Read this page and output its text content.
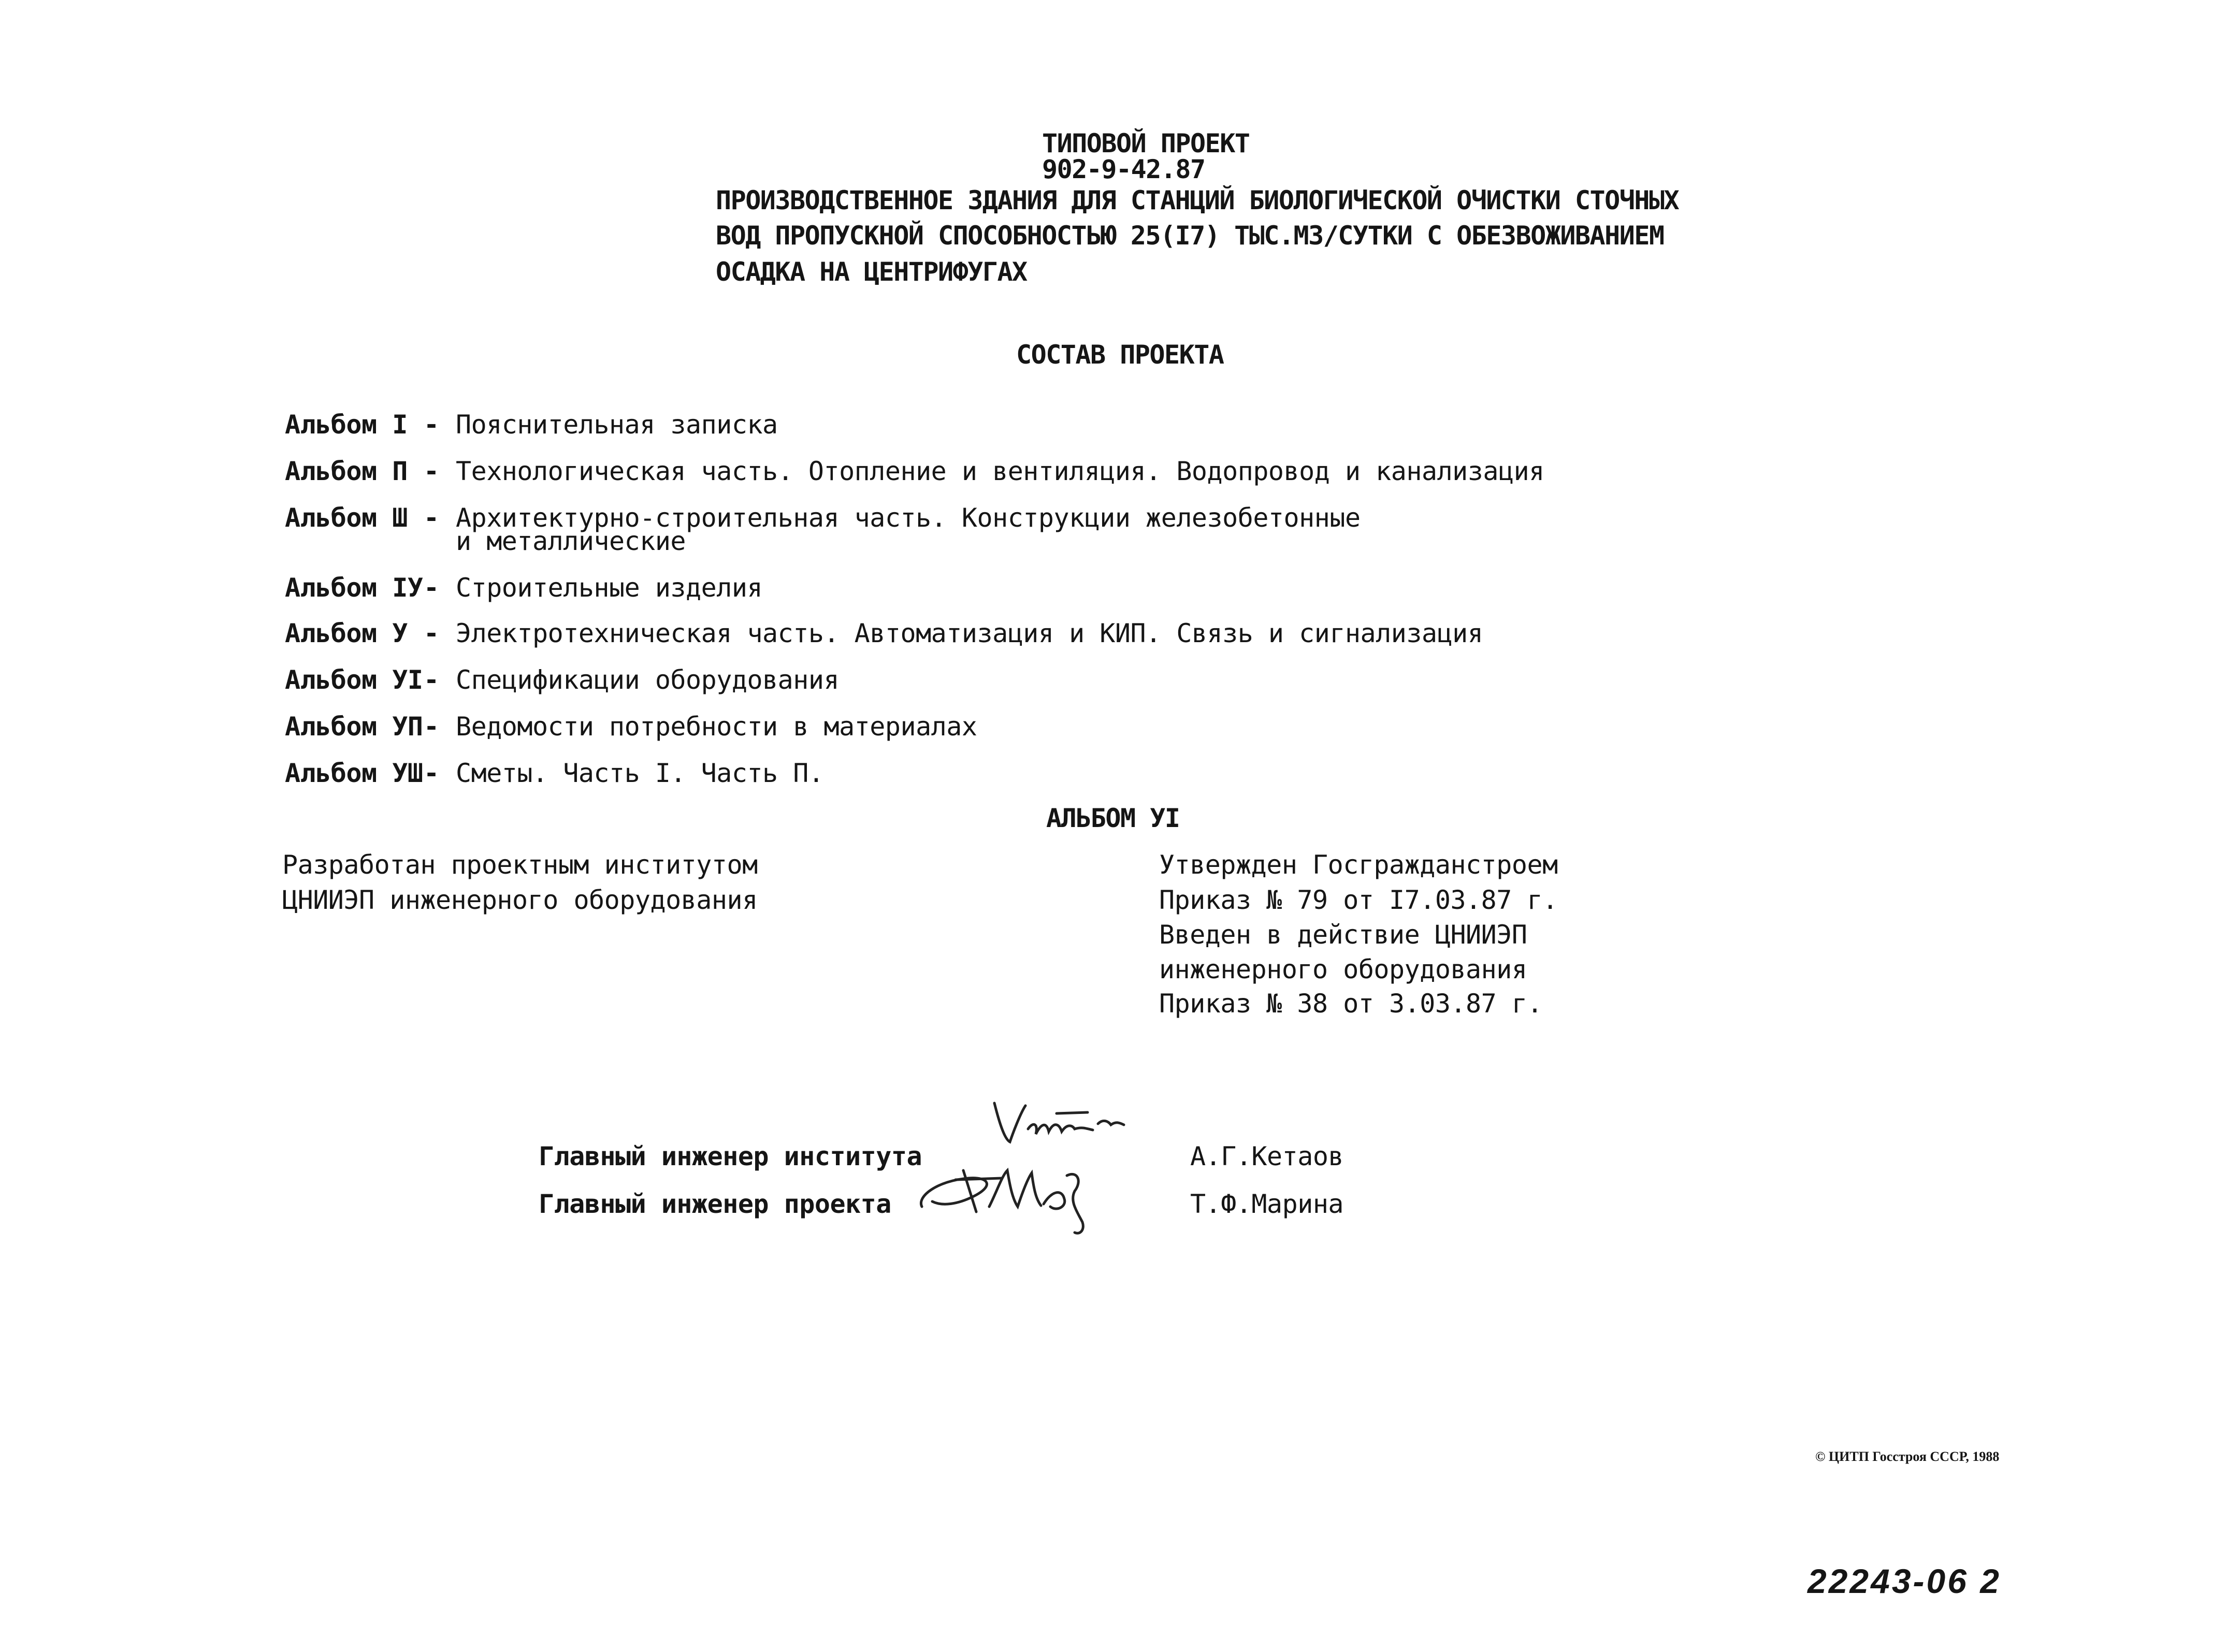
ТИПОВОЙ ПРОЕКТ
902-9-42.87
ПРОИЗВОДСТВЕННОЕ ЗДАНИЯ ДЛЯ СТАНЦИЙ БИОЛОГИЧЕСКОЙ ОЧИСТКИ СТОЧНЫХ
ВОД ПРОПУСКНОЙ СПОСОБНОСТЬЮ 25(I7) ТЫС.М3/СУТКИ С ОБЕЗВОЖИВАНИЕМ
ОСАДКА НА ЦЕНТРИФУГАХ
СОСТАВ ПРОЕКТА
Альбом I - Пояснительная записка
Альбом П - Технологическая часть. Отопление и вентиляция. Водопровод и канализация
Альбом Ш - Архитектурно-строительная часть. Конструкции железобетонные
и металлические
Альбом IУ - Строительные изделия
Альбом У - Электротехническая часть. Автоматизация и КИП. Связь и сигнализация
Альбом УI - Спецификации оборудования
Альбом УП - Ведомости потребности в материалах
Альбом УШ - Сметы. Часть I. Часть П.
АЛЬБОМ УI
Разработан проектным институтом
ЦНИИЭП инженерного оборудования
Утвержден Госгражданстроем
Приказ № 79 от I7.03.87 г.
Введен в действие ЦНИИЭП
инженерного оборудования
Приказ № 38 от 3.03.87 г.
Главный инженер института
Главный инженер проекта
А.Г.Кетаов
Т.Ф.Марина
© ЦИТП Госстроя СССР, 1988
22243-06 2
